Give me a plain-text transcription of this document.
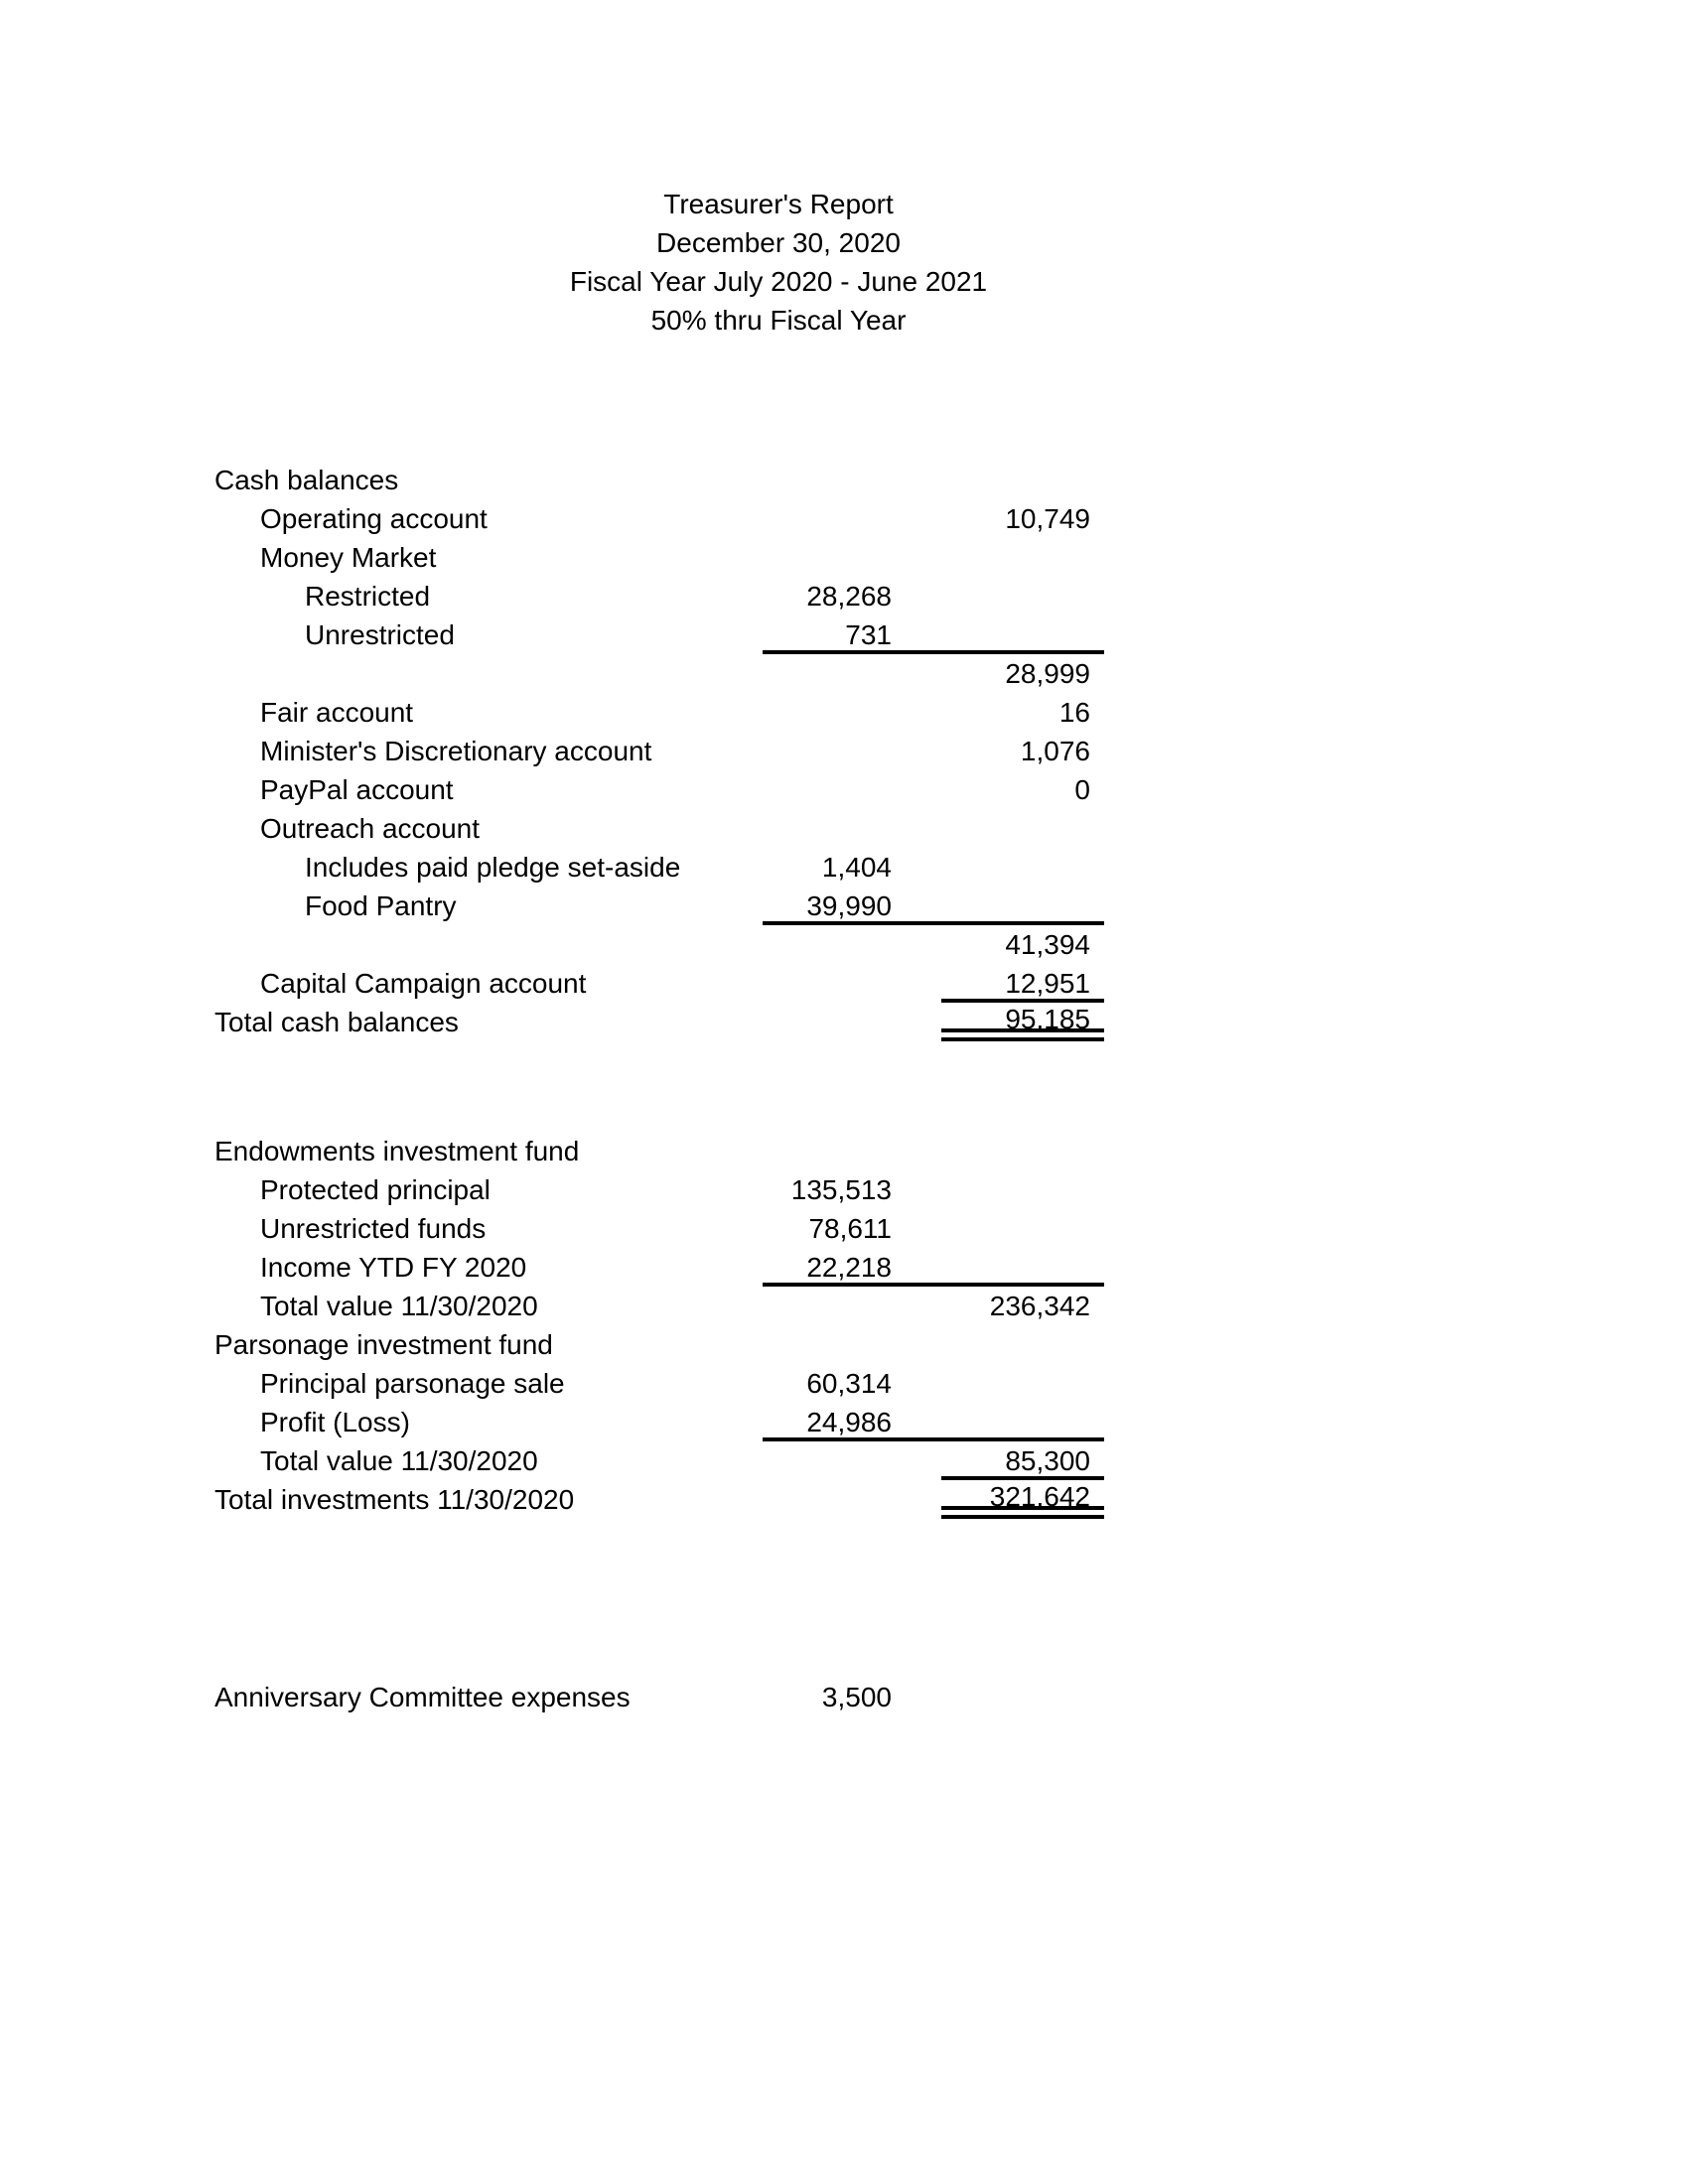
Treasurer's Report
December 30, 2020
Fiscal Year July 2020 - June 2021
50% thru Fiscal Year
Cash balances
Operating account	10,749
Money Market
Restricted	28,268
Unrestricted	731
28,999
Fair account	16
Minister's Discretionary account	1,076
PayPal account	0
Outreach account
Includes paid pledge set-aside	1,404
Food Pantry	39,990
41,394
Capital Campaign account	12,951
Total cash balances	95,185
Endowments investment fund
Protected principal	135,513
Unrestricted funds	78,611
Income YTD FY 2020	22,218
Total value 11/30/2020	236,342
Parsonage investment fund
Principal parsonage sale	60,314
Profit (Loss)	24,986
Total value 11/30/2020	85,300
Total investments 11/30/2020	321,642
Anniversary Committee expenses	3,500
